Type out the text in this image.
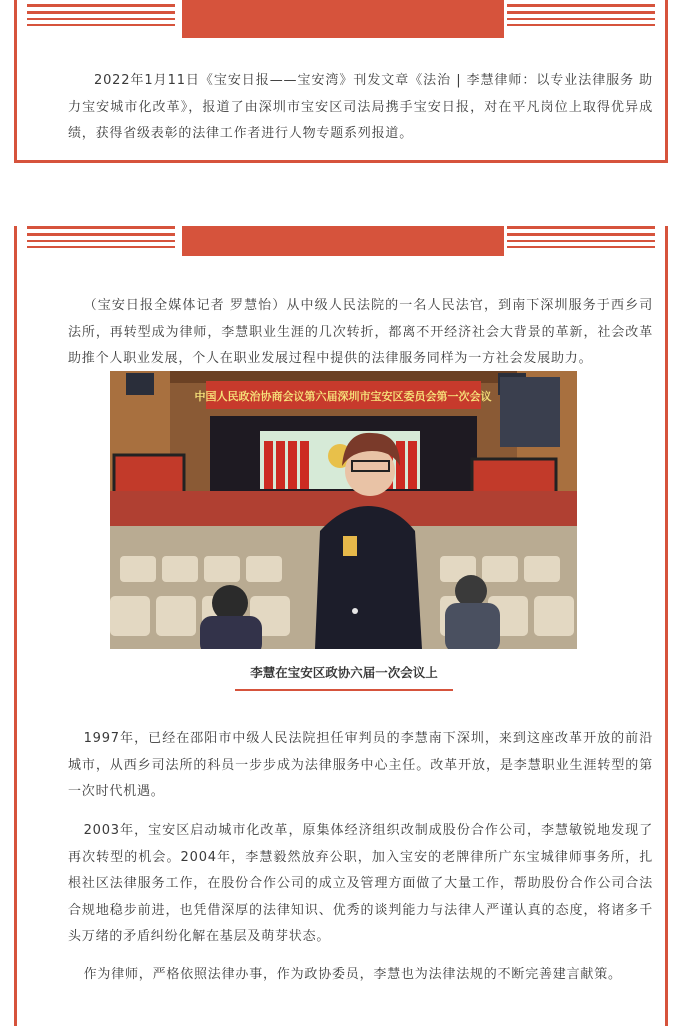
2022年1月11日《宝安日报——宝安湾》刊发文章《法治 | 李慧律师：以专业法律服务 助力宝安城市化改革》，报道了由深圳市宝安区司法局携手宝安日报，对在平凡岗位上取得优异成绩，获得省级表彰的法律工作者进行人物专题系列报道。
（宝安日报全媒体记者 罗慧怡）从中级人民法院的一名人民法官，到南下深圳服务于西乡司法所，再转型成为律师，李慧职业生涯的几次转折，都离不开经济社会大背景的革新，社会改革助推个人职业发展，个人在职业发展过程中提供的法律服务同样为一方社会发展助力。
中国人民政治协商会议第六届深圳市宝安区委员会第一次会议
李慧在宝安区政协六届一次会议上
1997年，已经在邵阳市中级人民法院担任审判员的李慧南下深圳，来到这座改革开放的前沿城市，从西乡司法所的科员一步步成为法律服务中心主任。改革开放，是李慧职业生涯转型的第一次时代机遇。
2003年，宝安区启动城市化改革，原集体经济组织改制成股份合作公司，李慧敏锐地发现了再次转型的机会。2004年，李慧毅然放弃公职，加入宝安的老牌律所广东宝城律师事务所，扎根社区法律服务工作，在股份合作公司的成立及管理方面做了大量工作，帮助股份合作公司合法合规地稳步前进，也凭借深厚的法律知识、优秀的谈判能力与法律人严谨认真的态度，将诸多千头万绪的矛盾纠纷化解在基层及萌芽状态。
作为律师，严格依照法律办事，作为政协委员，李慧也为法律法规的不断完善建言献策。
